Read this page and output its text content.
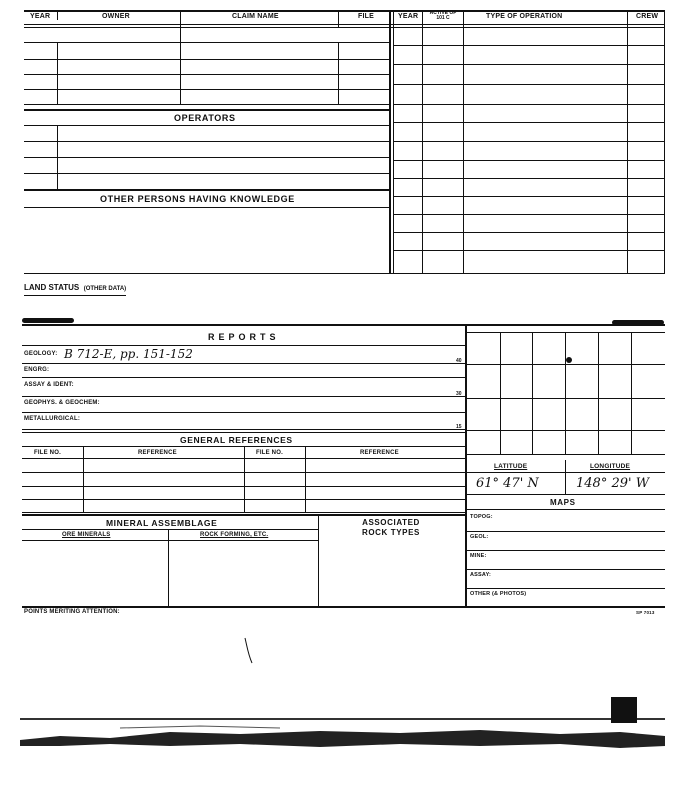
YEAR	OWNER	CLAIM NAME	FILE	YEAR	ACTIVE OF 101 C	TYPE OF OPERATION	CREW
OPERATORS
OTHER PERSONS HAVING KNOWLEDGE
LAND STATUS (OTHER DATA)
REPORTS
GEOLOGY: B 712-E, pp. 151-152	40
ENGRG:
ASSAY & IDENT:
30
GEOPHYS. & GEOCHEM:
METALLURGICAL:
15
GENERAL REFERENCES
FILE NO.	REFERENCE	FILE NO.	REFERENCE
LATITUDE	LONGITUDE
61° 47' N	148° 29' W
MAPS
TOPOG:
GEOL:
MINE:
ASSAY:
OTHER (& PHOTOS)
MINERAL ASSEMBLAGE
ORE MINERALS	ROCK FORMING, ETC.
ASSOCIATED ROCK TYPES
POINTS MERITING ATTENTION:	SP 7013
